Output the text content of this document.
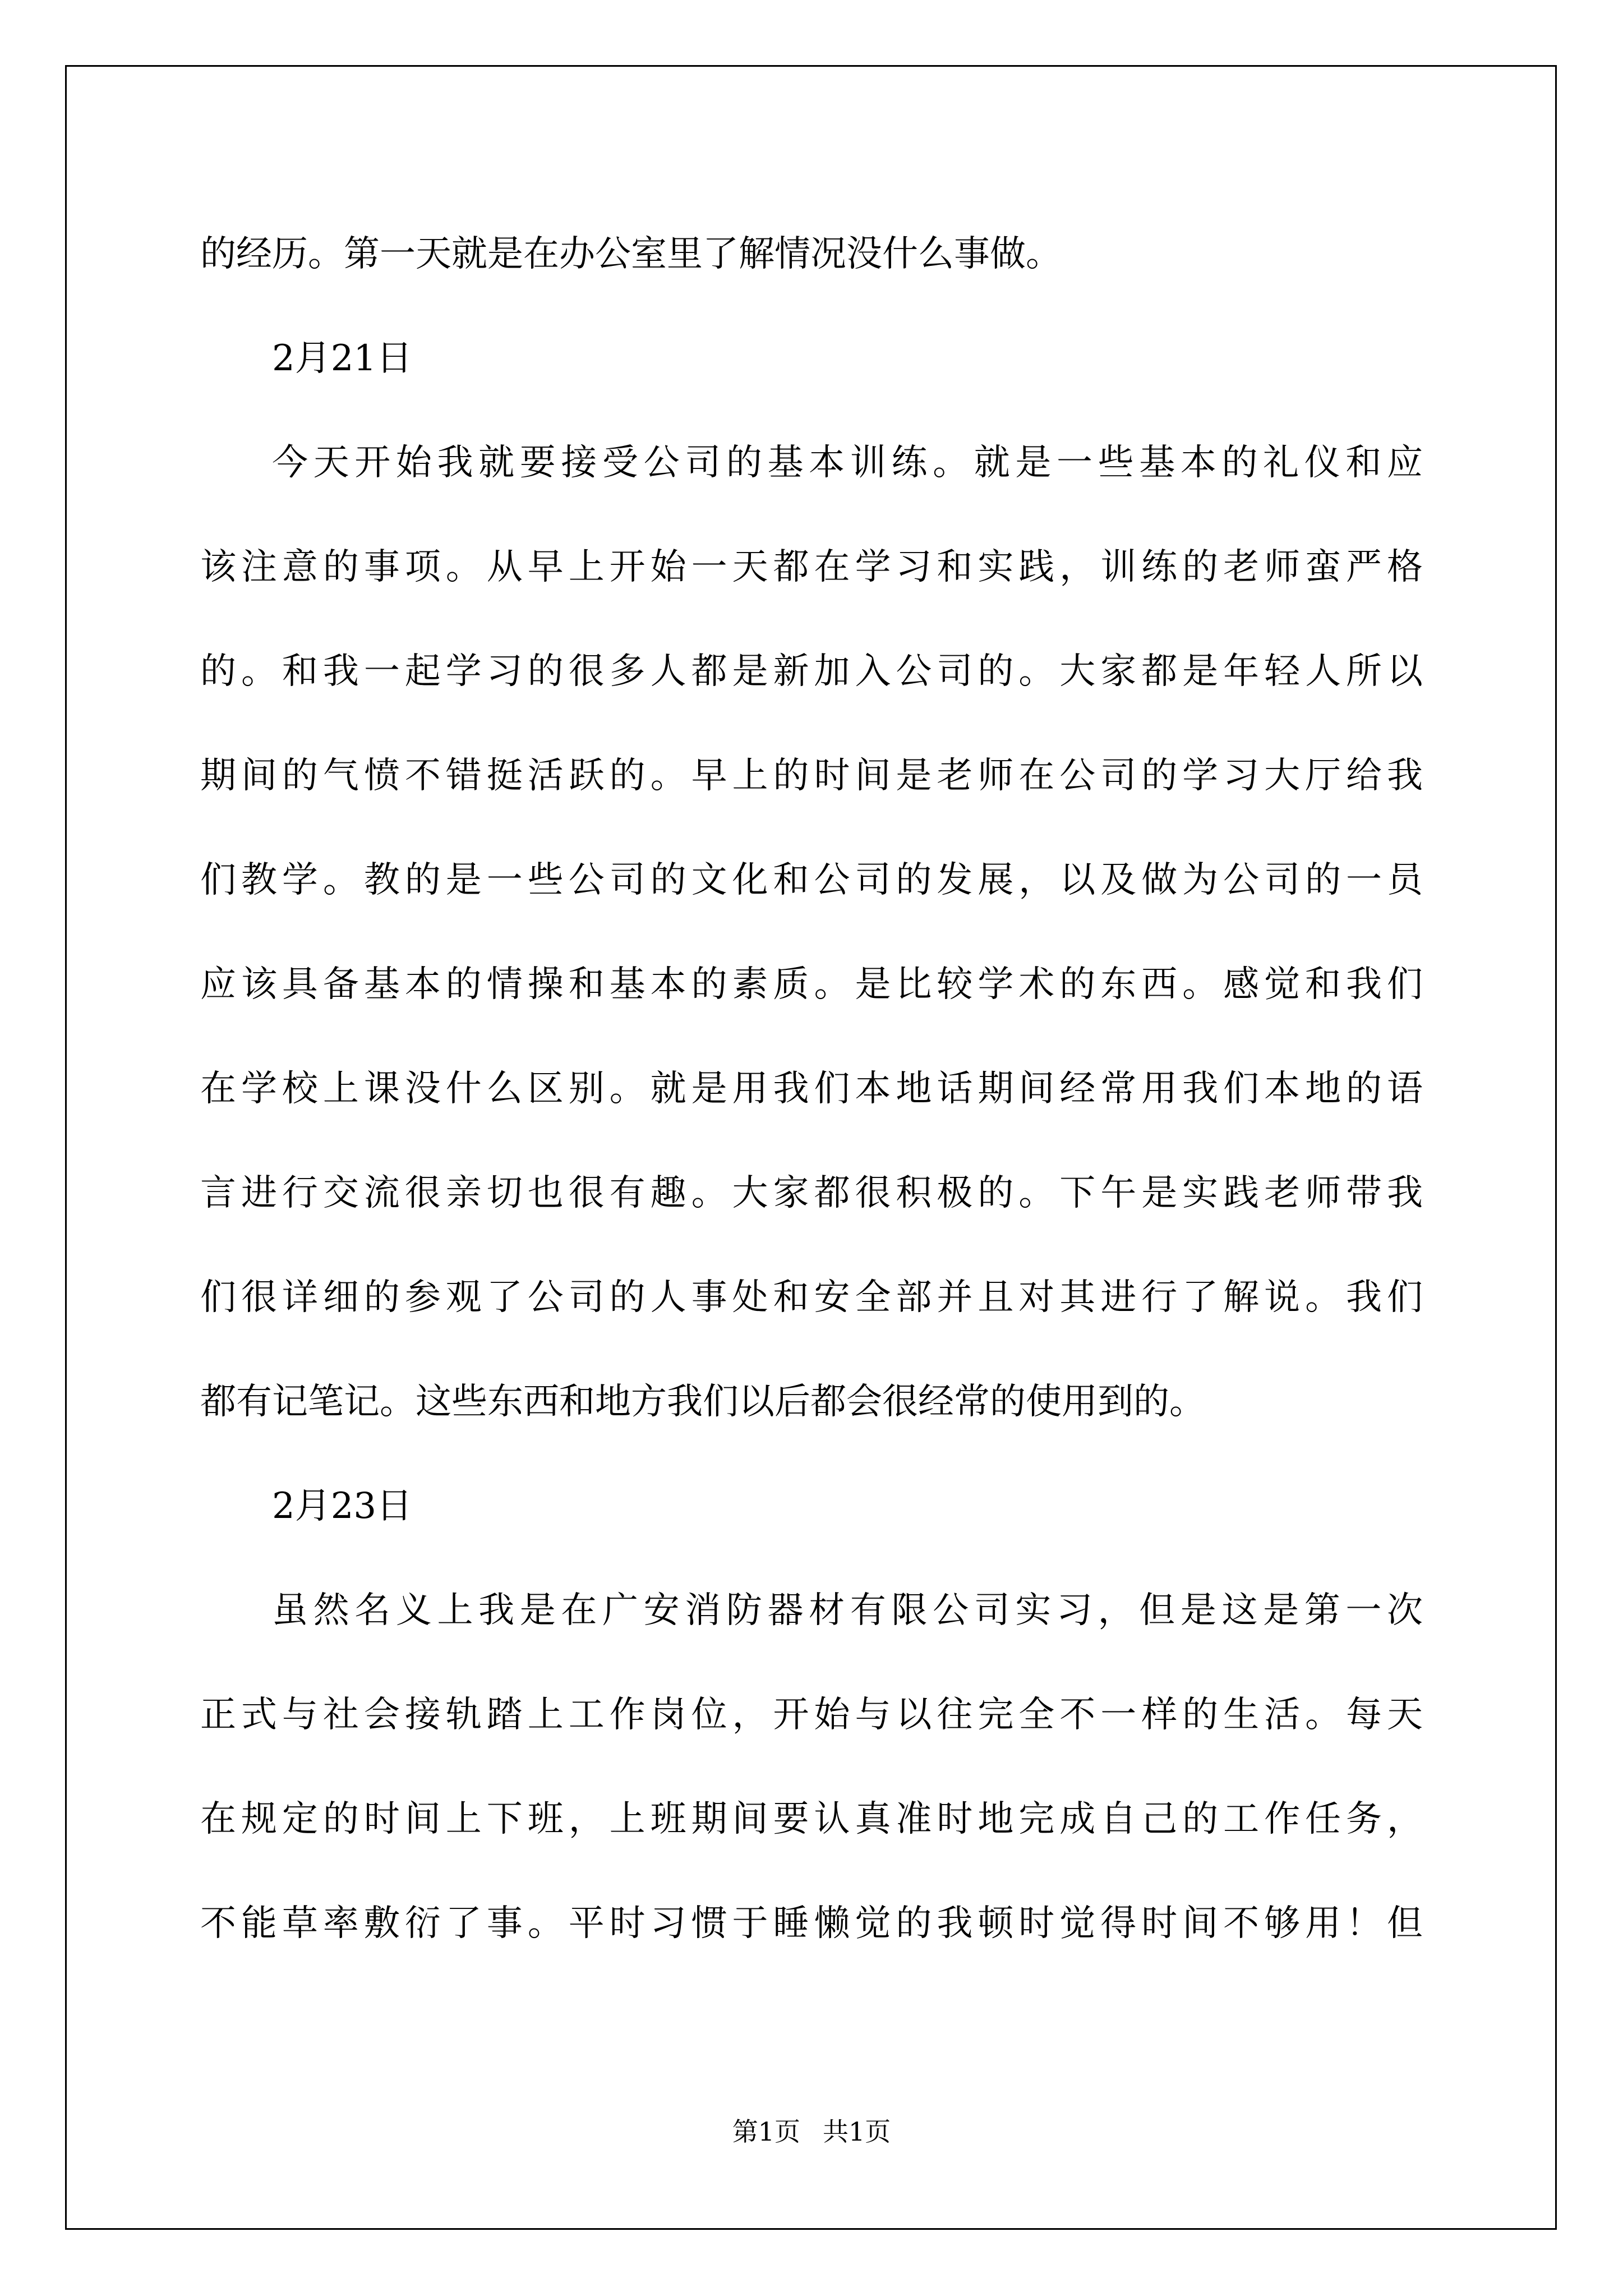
的经历。第一天就是在办公室里了解情况没什么事做。
2月21日
今天开始我就要接受公司的基本训练。就是一些基本的礼仪和应
该注意的事项。从早上开始一天都在学习和实践，训练的老师蛮严格
的。和我一起学习的很多人都是新加入公司的。大家都是年轻人所以
期间的气愤不错挺活跃的。早上的时间是老师在公司的学习大厅给我
们教学。教的是一些公司的文化和公司的发展，以及做为公司的一员
应该具备基本的情操和基本的素质。是比较学术的东西。感觉和我们
在学校上课没什么区别。就是用我们本地话期间经常用我们本地的语
言进行交流很亲切也很有趣。大家都很积极的。下午是实践老师带我
们很详细的参观了公司的人事处和安全部并且对其进行了解说。我们
都有记笔记。这些东西和地方我们以后都会很经常的使用到的。
2月23日
虽然名义上我是在广安消防器材有限公司实习，但是这是第一次
正式与社会接轨踏上工作岗位，开始与以往完全不一样的生活。每天
在规定的时间上下班，上班期间要认真准时地完成自己的工作任务，
不能草率敷衍了事。平时习惯于睡懒觉的我顿时觉得时间不够用！但
第1页 共1页
